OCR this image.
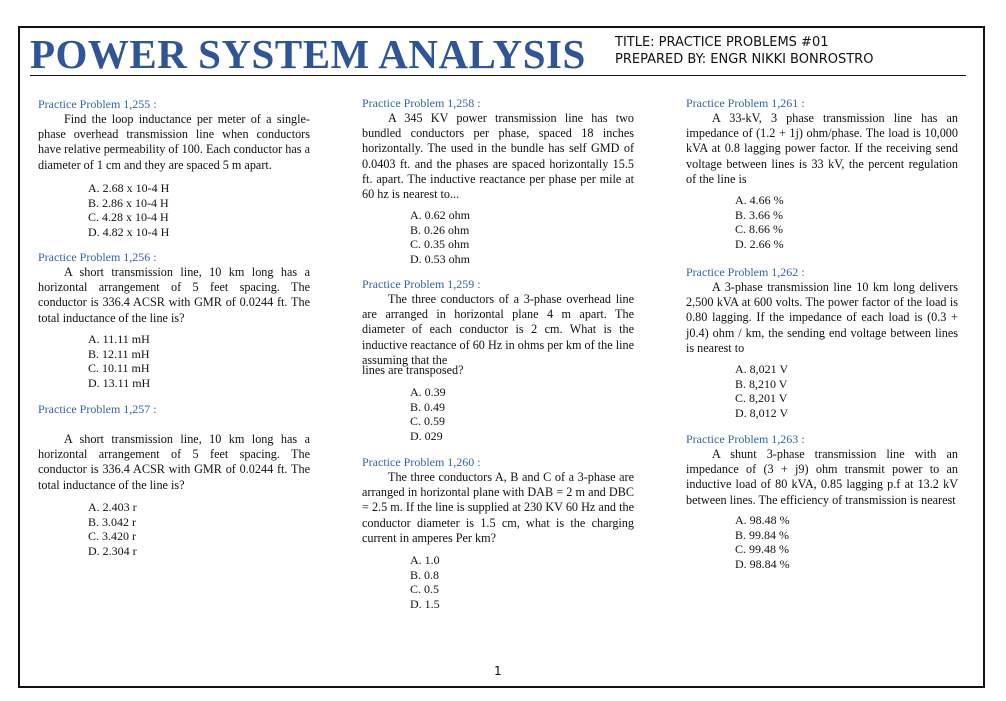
POWER SYSTEM ANALYSIS TITLE: PRACTICE PROBLEMS #01
PREPARED BY: ENGR NIKKI BONROSTRO
Practice Problem 1,255 :
Find the loop inductance per meter of a single-phase overhead transmission line when conductors have relative permeability of 100. Each conductor has a diameter of 1 cm and they are spaced 5 m apart.
A. 2.68 x 10-4 H
B. 2.86 x 10-4 H
C. 4.28 x 10-4 H
D. 4.82 x 10-4 H
Practice Problem 1,256 :
A short transmission line, 10 km long has a horizontal arrangement of 5 feet spacing. The conductor is 336.4 ACSR with GMR of 0.0244 ft. The total inductance of the line is?
A. 11.11 mH
B. 12.11 mH
C. 10.11 mH
D. 13.11 mH
Practice Problem 1,257 :
A short transmission line, 10 km long has a horizontal arrangement of 5 feet spacing. The conductor is 336.4 ACSR with GMR of 0.0244 ft. The total inductance of the line is?
A. 2.403 r
B. 3.042 r
C. 3.420 r
D. 2.304 r
Practice Problem 1,258 :
A 345 KV power transmission line has two bundled conductors per phase, spaced 18 inches horizontally. The used in the bundle has self GMD of 0.0403 ft. and the phases are spaced horizontally 15.5 ft. apart. The inductive reactance per phase per mile at 60 hz is nearest to...
A. 0.62 ohm
B. 0.26 ohm
C. 0.35 ohm
D. 0.53 ohm
Practice Problem 1,259 :
The three conductors of a 3-phase overhead line are arranged in horizontal plane 4 m apart. The diameter of each conductor is 2 cm. What is the inductive reactance of 60 Hz in ohms per km of the line assuming that the
lines are transposed?
A. 0.39
B. 0.49
C. 0.59
D. 029
Practice Problem 1,260 :
The three conductors A, B and C of a 3-phase are arranged in horizontal plane with DAB = 2 m and DBC = 2.5 m. If the line is supplied at 230 KV 60 Hz and the conductor diameter is 1.5 cm, what is the charging current in amperes Per km?
A. 1.0
B. 0.8
C. 0.5
D. 1.5
Practice Problem 1,261 :
A 33-kV, 3 phase transmission line has an impedance of (1.2 + 1j) ohm/phase. The load is 10,000 kVA at 0.8 lagging power factor. If the receiving send voltage between lines is 33 kV, the percent regulation of the line is
A. 4.66 %
B. 3.66 %
C. 8.66 %
D. 2.66 %
Practice Problem 1,262 :
A 3-phase transmission line 10 km long delivers 2,500 kVA at 600 volts. The power factor of the load is 0.80 lagging. If the impedance of each load is (0.3 + j0.4) ohm / km, the sending end voltage between lines is nearest to
A. 8,021 V
B. 8,210 V
C. 8,201 V
D. 8,012 V
Practice Problem 1,263 :
A shunt 3-phase transmission line with an impedance of (3 + j9) ohm transmit power to an inductive load of 80 kVA, 0.85 lagging p.f at 13.2 kV between lines. The efficiency of transmission is nearest
A. 98.48 %
B. 99.84 %
C. 99.48 %
D. 98.84 %
1
